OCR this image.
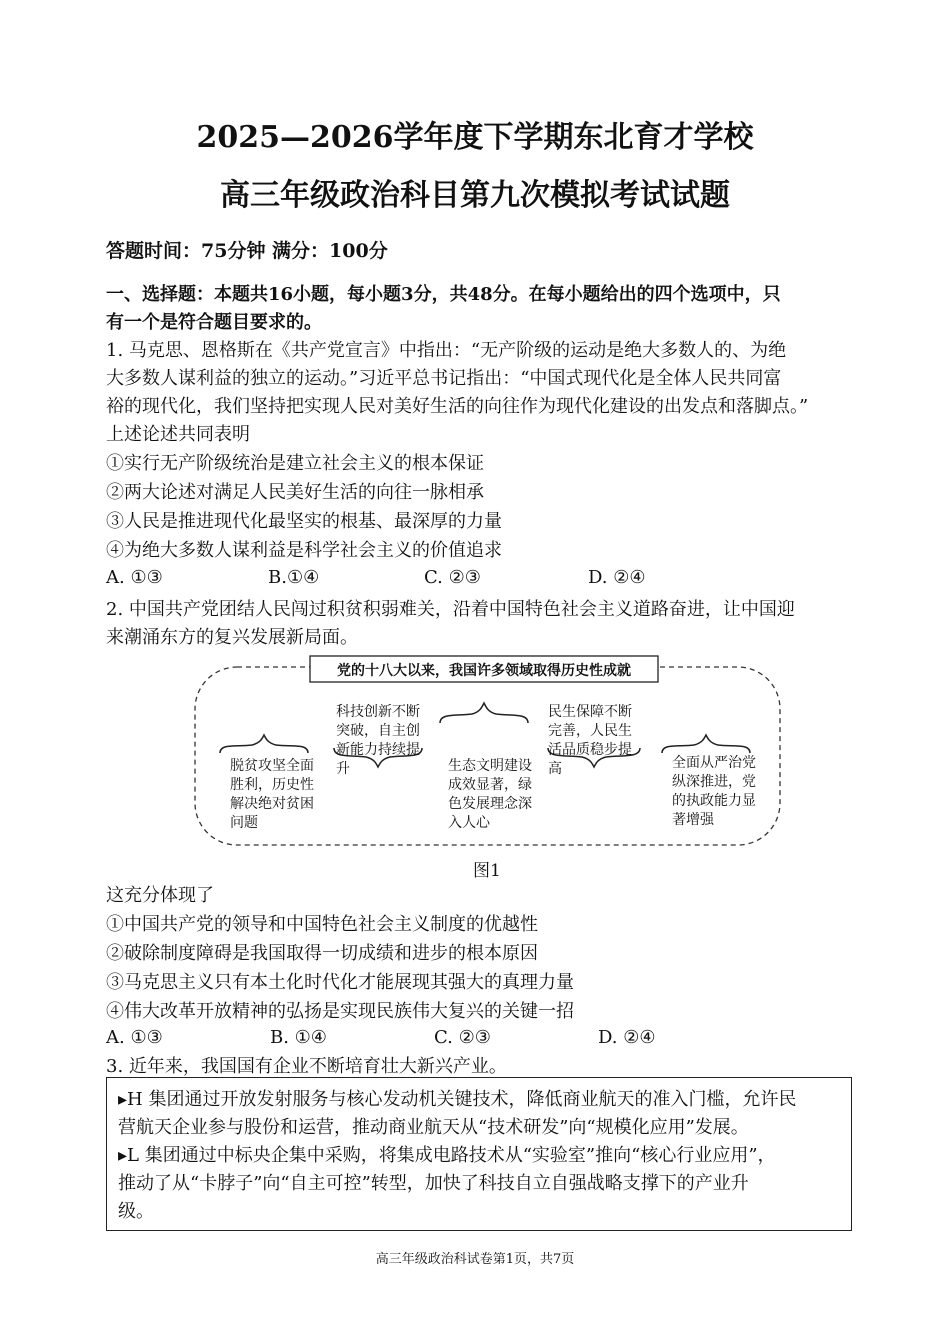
2025—2026学年度下学期东北育才学校
高三年级政治科目第九次模拟考试试题
答题时间：75分钟 满分：100分
一、选择题：本题共16小题，每小题3分，共48分。在每小题给出的四个选项中，只
有一个是符合题目要求的。
1. 马克思、恩格斯在《共产党宣言》中指出：“无产阶级的运动是绝大多数人的、为绝
大多数人谋利益的独立的运动。”习近平总书记指出：“中国式现代化是全体人民共同富
裕的现代化，我们坚持把实现人民对美好生活的向往作为现代化建设的出发点和落脚点。”
上述论述共同表明
①实行无产阶级统治是建立社会主义的根本保证
②两大论述对满足人民美好生活的向往一脉相承
③人民是推进现代化最坚实的根基、最深厚的力量
④为绝大多数人谋利益是科学社会主义的价值追求
A. ①③	B.①④	C. ②③	D. ②④
2. 中国共产党团结人民闯过积贫积弱难关，沿着中国特色社会主义道路奋进，让中国迎
来潮涌东方的复兴发展新局面。
党的十八大以来，我国许多领域取得历史性成就
脱贫攻坚全面胜利，历史性解决绝对贫困问题
科技创新不断突破，自主创新能力持续提升	生态文明建设成效显著，绿色发展理念深入人心
民生保障不断完善，人民生活品质稳步提高	全面从严治党纵深推进，党的执政能力显著增强
图1
这充分体现了
①中国共产党的领导和中国特色社会主义制度的优越性
②破除制度障碍是我国取得一切成绩和进步的根本原因
③马克思主义只有本土化时代化才能展现其强大的真理力量
④伟大改革开放精神的弘扬是实现民族伟大复兴的关键一招
A. ①③	B. ①④	C. ②③	D. ②④
3. 近年来，我国国有企业不断培育壮大新兴产业。
▸H 集团通过开放发射服务与核心发动机关键技术，降低商业航天的准入门槛，允许民
营航天企业参与股份和运营，推动商业航天从“技术研发”向“规模化应用”发展。
▸L 集团通过中标央企集中采购，将集成电路技术从“实验室”推向“核心行业应用”，
推动了从“卡脖子”向“自主可控”转型，加快了科技自立自强战略支撑下的产业升
级。
高三年级政治科试卷第1页，共7页
